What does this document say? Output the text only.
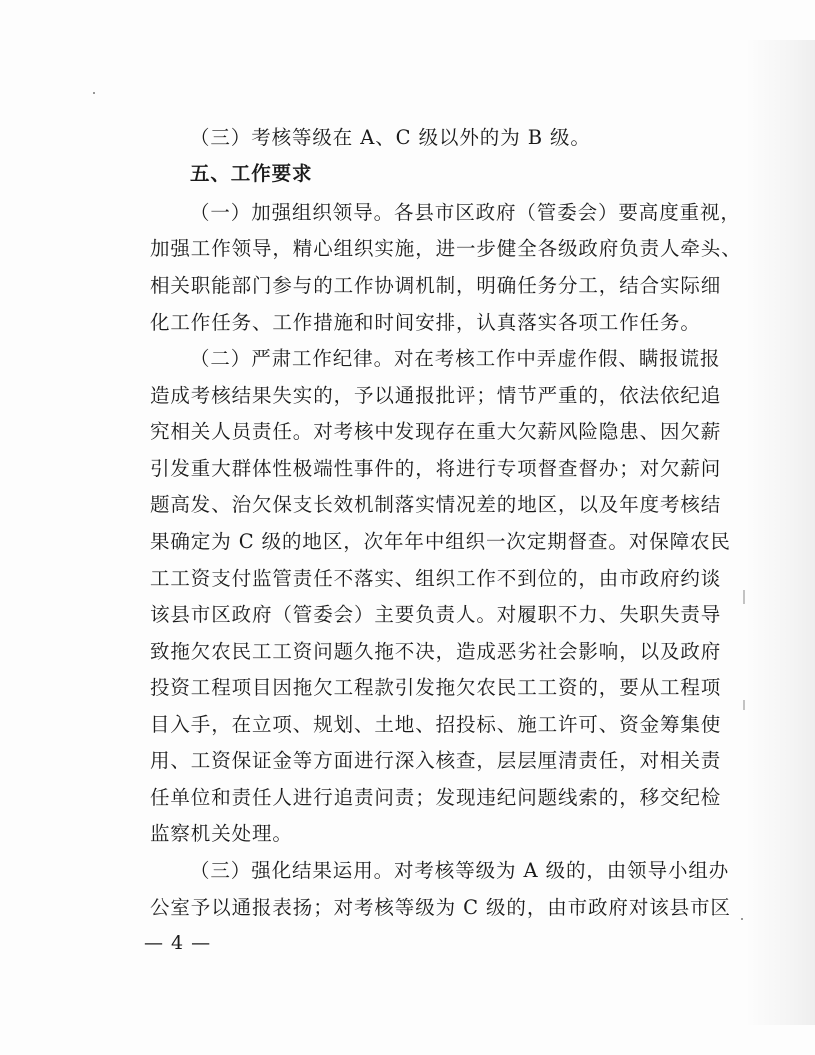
（三）考核等级在 A、C 级以外的为 B 级。
五、工作要求
（一）加强组织领导。各县市区政府（管委会）要高度重视，
加强工作领导，精心组织实施，进一步健全各级政府负责人牵头、
相关职能部门参与的工作协调机制，明确任务分工，结合实际细
化工作任务、工作措施和时间安排，认真落实各项工作任务。
（二）严肃工作纪律。对在考核工作中弄虚作假、瞒报谎报
造成考核结果失实的，予以通报批评；情节严重的，依法依纪追
究相关人员责任。对考核中发现存在重大欠薪风险隐患、因欠薪
引发重大群体性极端性事件的，将进行专项督查督办；对欠薪问
题高发、治欠保支长效机制落实情况差的地区，以及年度考核结
果确定为 C 级的地区，次年年中组织一次定期督查。对保障农民
工工资支付监管责任不落实、组织工作不到位的，由市政府约谈
该县市区政府（管委会）主要负责人。对履职不力、失职失责导
致拖欠农民工工资问题久拖不决，造成恶劣社会影响，以及政府
投资工程项目因拖欠工程款引发拖欠农民工工资的，要从工程项
目入手，在立项、规划、土地、招投标、施工许可、资金筹集使
用、工资保证金等方面进行深入核查，层层厘清责任，对相关责
任单位和责任人进行追责问责；发现违纪问题线索的，移交纪检
监察机关处理。
（三）强化结果运用。对考核等级为 A 级的，由领导小组办
公室予以通报表扬；对考核等级为 C 级的，由市政府对该县市区
— 4 —
